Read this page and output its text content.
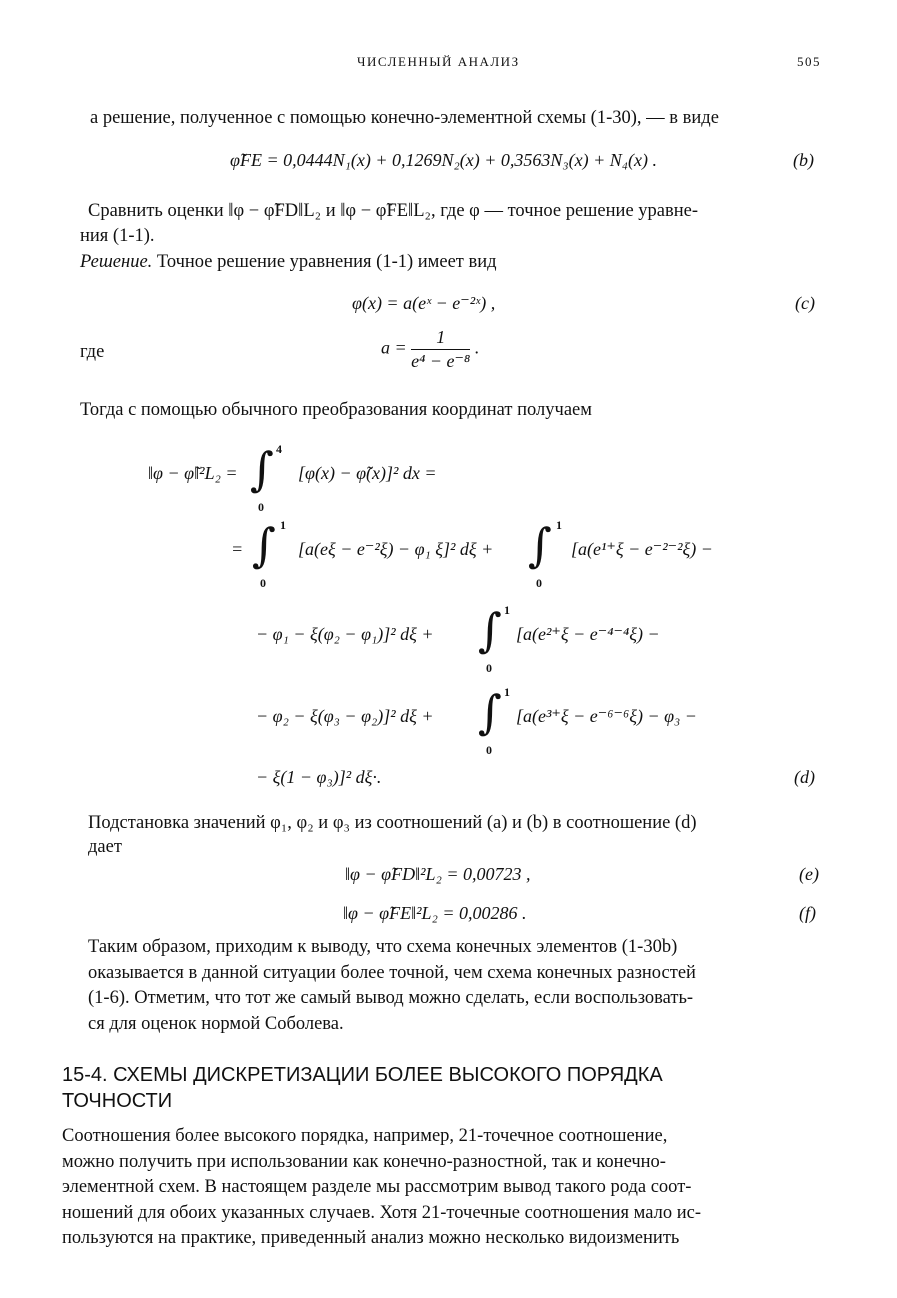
ЧИСЛЕННЫЙ АНАЛИЗ	505
а решение, полученное с помощью конечно-элементной схемы (1-30), — в виде
φ̃FE = 0,0444N₁(x) + 0,1269N₂(x) + 0,3563N₃(x) + N₄(x) .	(b)
Сравнить оценки ‖φ − φ̃FD‖L₂ и ‖φ − φ̃FE‖L₂, где φ — точное решение уравне-
ния (1-1).
Решение. Точное решение уравнения (1-1) имеет вид
φ(x) = a(eˣ − e⁻²ˣ) ,	(c)
где	$a = \frac{1}{\text{e⁴ − e⁻⁸}}$ .
Тогда с помощью обычного преобразования координат получаем
‖φ − φ̃‖²L₂ = ∫ 4
0
[φ(x) − φ̃(x)]² dx =
= ∫ 1
0
[a(eξ − e⁻²ξ) − φ₁ ξ]² dξ + ∫ 1
0
[a(e¹⁺ξ − e⁻²⁻²ξ) −
− φ₁ − ξ(φ₂ − φ₁)]² dξ + ∫ 1
0
[a(e²⁺ξ − e⁻⁴⁻⁴ξ) −
− φ₂ − ξ(φ₃ − φ₂)]² dξ + ∫ 1
0
[a(e³⁺ξ − e⁻⁶⁻⁶ξ) − φ₃ −
− ξ(1 − φ₃)]² dξ·.	(d)
Подстановка значений φ₁, φ₂ и φ₃ из соотношений (a) и (b) в соотношение (d)
дает
‖φ − φ̃FD‖²L₂ = 0,00723 ,	(e)
‖φ − φ̃FE‖²L₂ = 0,00286 .	(f)

Таким образом, приходим к выводу, что схема конечных элементов (1-30b)

оказывается в данной ситуации более точной, чем схема конечных разностей

(1-6). Отметим, что тот же самый вывод можно сделать, если воспользовать-

ся для оценок нормой Соболева.

15-4. СХЕМЫ ДИСКРЕТИЗАЦИИ БОЛЕЕ ВЫСОКОГО ПОРЯДКА
ТОЧНОСТИ

Соотношения более высокого порядка, например, 21-точечное соотношение,

можно получить при использовании как конечно-разностной, так и конечно-

элементной схем. В настоящем разделе мы рассмотрим вывод такого рода соот-

ношений для обоих указанных случаев. Хотя 21-точечные соотношения мало ис-

пользуются на практике, приведенный анализ можно несколько видоизменить
